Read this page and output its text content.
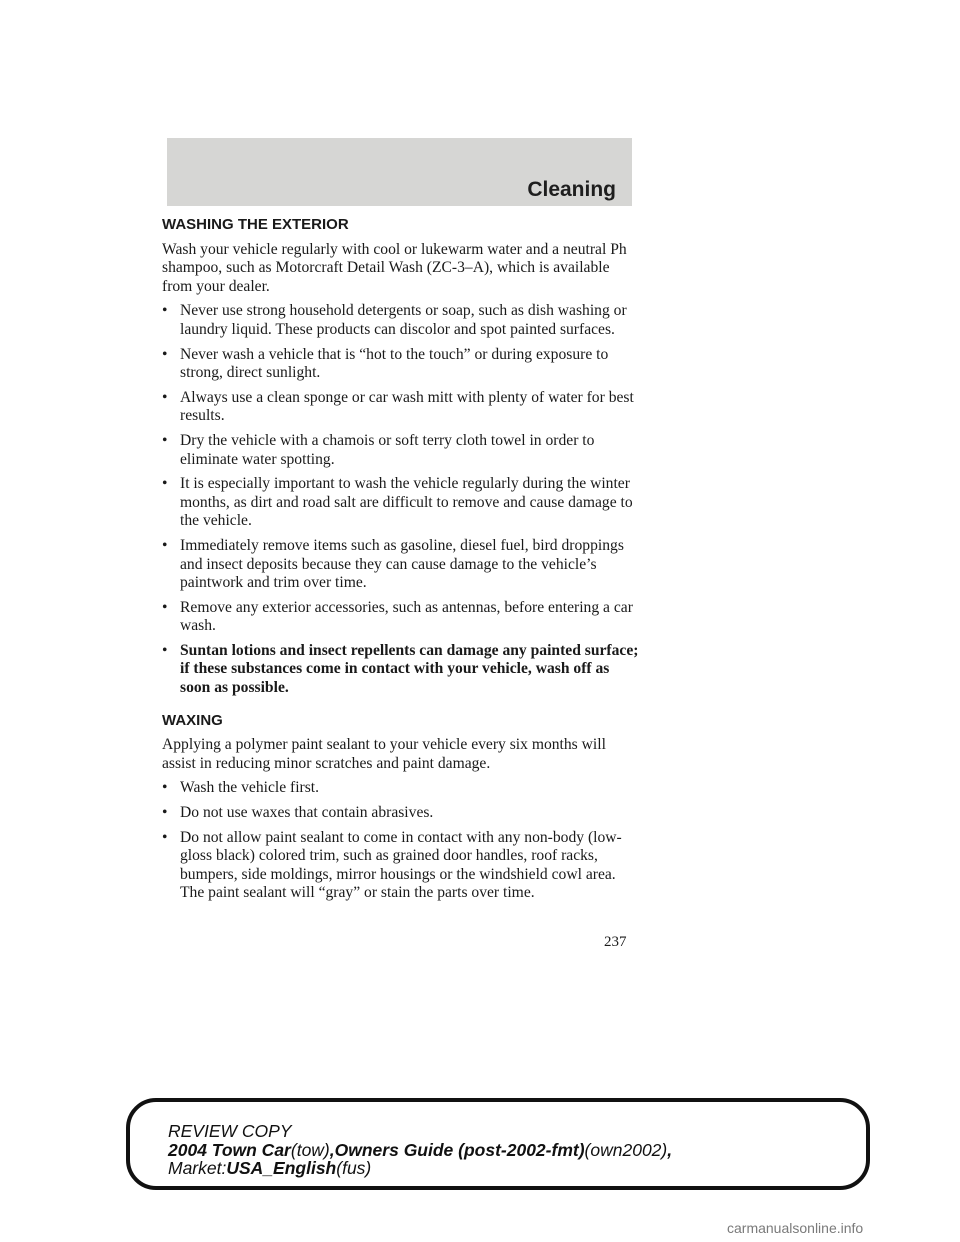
Cleaning
WASHING THE EXTERIOR

Wash your vehicle regularly with cool or lukewarm water and a neutral Ph shampoo, such as Motorcraft Detail Wash (ZC-3–A), which is available from your dealer.

• Never use strong household detergents or soap, such as dish washing or laundry liquid. These products can discolor and spot painted surfaces.
• Never wash a vehicle that is “hot to the touch” or during exposure to strong, direct sunlight.
• Always use a clean sponge or car wash mitt with plenty of water for best results.
• Dry the vehicle with a chamois or soft terry cloth towel in order to eliminate water spotting.
• It is especially important to wash the vehicle regularly during the winter months, as dirt and road salt are difficult to remove and cause damage to the vehicle.
• Immediately remove items such as gasoline, diesel fuel, bird droppings and insect deposits because they can cause damage to the vehicle’s paintwork and trim over time.
• Remove any exterior accessories, such as antennas, before entering a car wash.
• Suntan lotions and insect repellents can damage any painted surface; if these substances come in contact with your vehicle, wash off as soon as possible.
WAXING

Applying a polymer paint sealant to your vehicle every six months will assist in reducing minor scratches and paint damage.

• Wash the vehicle first.
• Do not use waxes that contain abrasives.
• Do not allow paint sealant to come in contact with any non-body (low-gloss black) colored trim, such as grained door handles, roof racks, bumpers, side moldings, mirror housings or the windshield cowl area. The paint sealant will “gray” or stain the parts over time.
237
REVIEW COPY
2004 Town Car(tow),Owners Guide (post-2002-fmt)(own2002),
Market:USA_English(fus)
carmanualsonline.info
